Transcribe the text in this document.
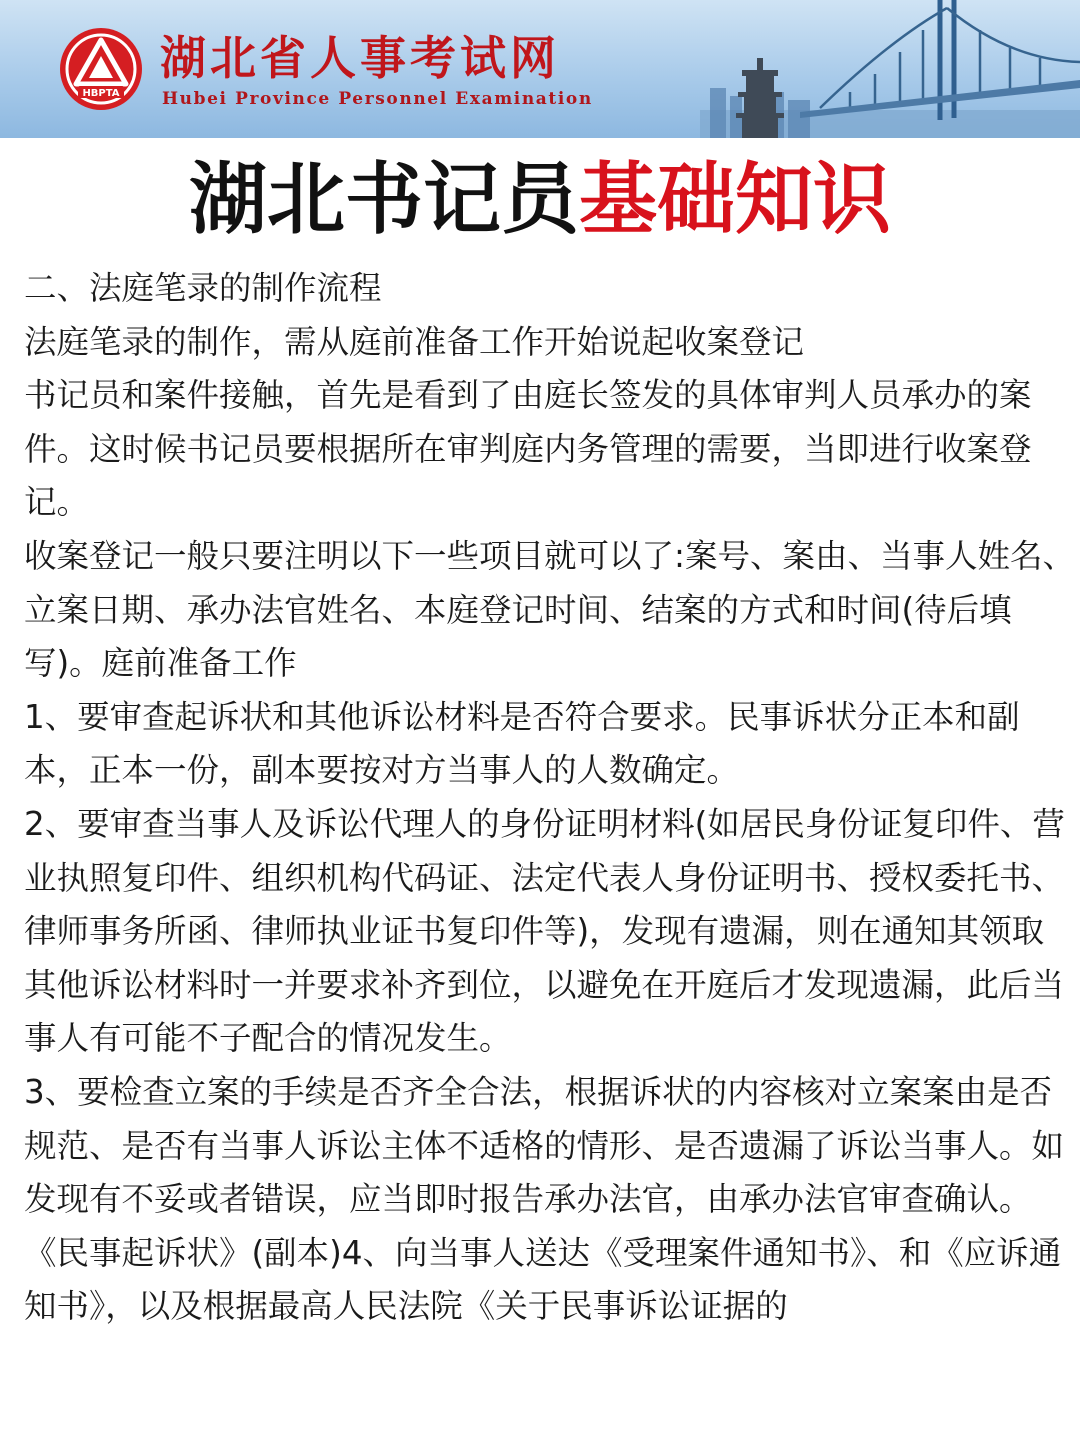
HBPTA
湖北省人事考试网
Hubei Province Personnel Examination
湖北书记员基础知识

二、法庭笔录的制作流程

法庭笔录的制作，需从庭前准备工作开始说起收案登记

书记员和案件接触，首先是看到了由庭长签发的具体审判人员承办的案件。这时候书记员要根据所在审判庭内务管理的需要，当即进行收案登记。

收案登记一般只要注明以下一些项目就可以了:案号、案由、当事人姓名、立案日期、承办法官姓名、本庭登记时间、结案的方式和时间(待后填写)。庭前准备工作

1、要审查起诉状和其他诉讼材料是否符合要求。民事诉状分正本和副本，正本一份，副本要按对方当事人的人数确定。

2、要审查当事人及诉讼代理人的身份证明材料(如居民身份证复印件、营业执照复印件、组织机构代码证、法定代表人身份证明书、授权委托书、律师事务所函、律师执业证书复印件等)，发现有遗漏，则在通知其领取其他诉讼材料时一并要求补齐到位，以避免在开庭后才发现遗漏，此后当事人有可能不子配合的情况发生。

3、要检查立案的手续是否齐全合法，根据诉状的内容核对立案案由是否规范、是否有当事人诉讼主体不适格的情形、是否遗漏了诉讼当事人。如发现有不妥或者错误，应当即时报告承办法官，由承办法官审查确认。《民事起诉状》(副本)4、向当事人送达《受理案件通知书》、和《应诉通知书》，以及根据最高人民法院《关于民事诉讼证据的
